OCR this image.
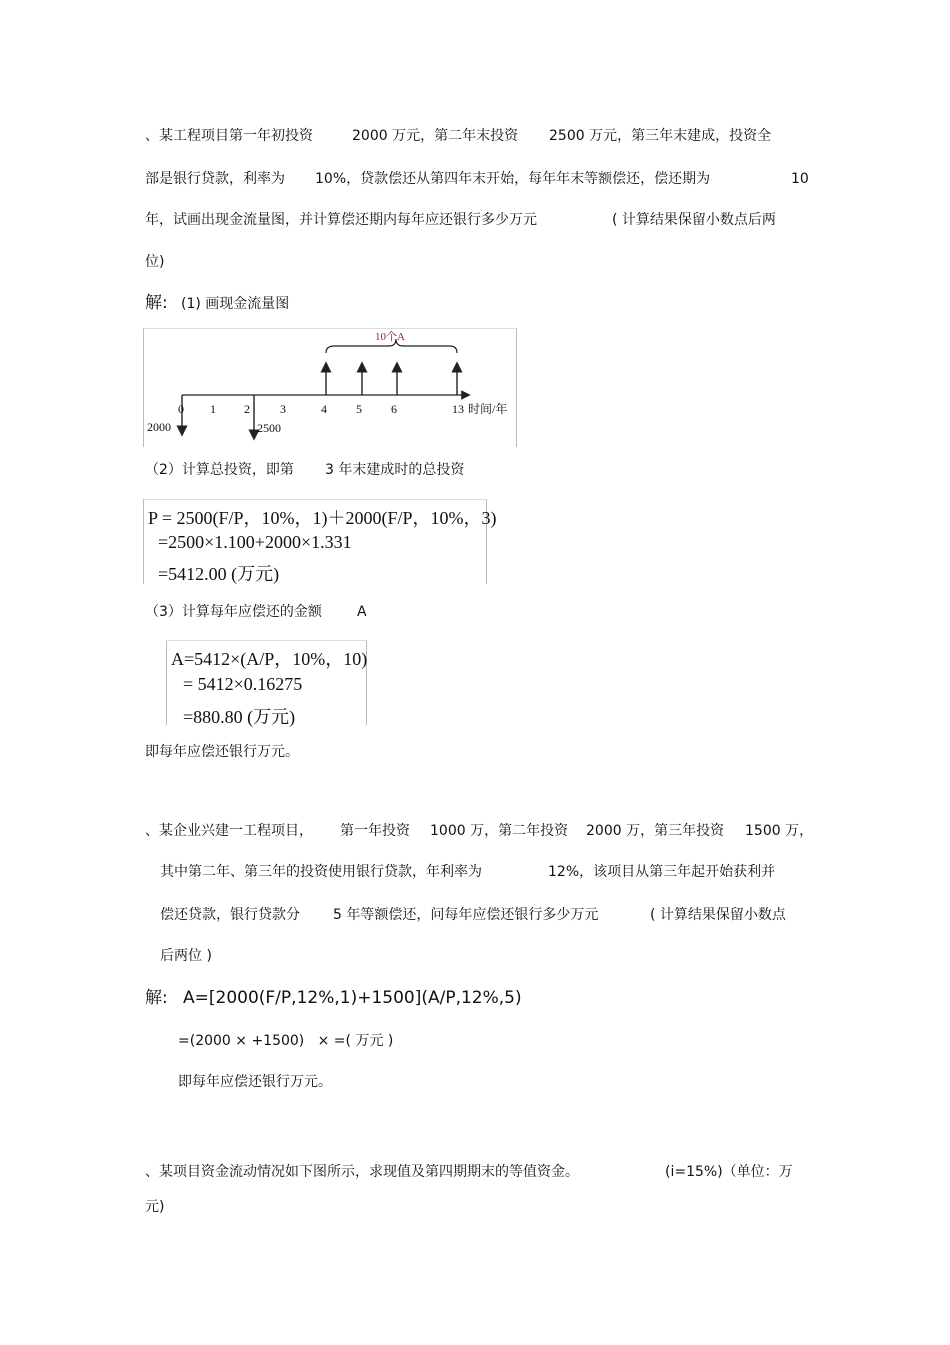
、某工程项目第一年初投资

	2000 万元，第二年末投资

2500 万元，第三年末建成，投资全

部是银行贷款，利率为

10%，贷款偿还从第四年末开始，每年年末等额偿还，偿还期为

	10

年，试画出现金流量图，并计算偿还期内每年应还银行多少万元

	( 计算结果保留小数点后两

位)

解:

(1) 画现金流量图

10个A
0 1 2	3	4 5 6	13 时间/年
2000	2500

（2）计算总投资，即第

3 年末建成时的总投资

P = 2500(F/P，10%，1)＋2000(F/P，10%，3)
=2500×1.100+2000×1.331
=5412.00 (万元)

（3）计算每年应偿还的金额

	A

A=5412×(A/P，10%，10)
= 5412×0.16275
=880.80 (万元)

即每年应偿还银行万元。

、某企业兴建一工程项目，

第一年投资

1000 万，第二年投资

2000 万，第三年投资

1500 万，

其中第二年、第三年的投资使用银行贷款，年利率为

	12%，该项目从第三年起开始获利并

偿还贷款，银行贷款分

5 年等额偿还，问每年应偿还银行多少万元

	( 计算结果保留小数点

后两位 )

解:

A=[2000(F/P,12%,1)+1500](A/P,12%,5)

=(2000 × +1500)   × =( 万元 )

即每年应偿还银行万元。

、某项目资金流动情况如下图所示，求现值及第四期期末的等值资金。

	(i=15%)（单位：万

元)
